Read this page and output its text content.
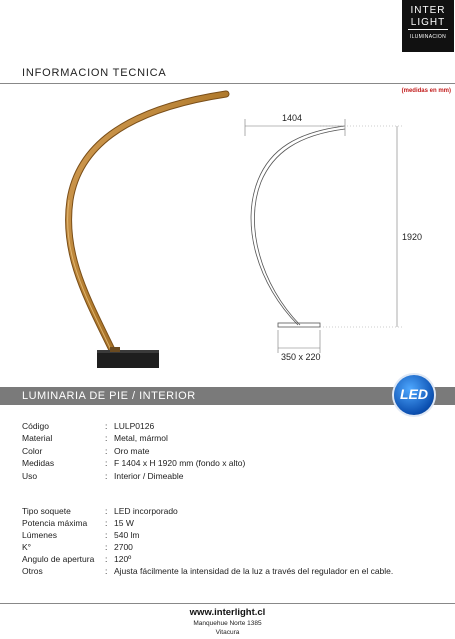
INTER
LIGHT
ILUMINACION
INFORMACION TECNICA
(medidas en mm)
1404
1920
350 x 220
LUMINARIA DE PIE / INTERIOR	LED
Código	: LULP0126
Material	: Metal, mármol
Color	: Oro mate
Medidas	: F 1404 x H 1920 mm (fondo x alto)
Uso	: Interior / Dimeable
Tipo soquete	: LED incorporado
Potencia máxima : 15 W
Lúmenes	: 540 lm
K°	: 2700
Angulo de apertura : 120º
Otros	: Ajusta fácilmente la intensidad de la luz a través del regulador en el cable.
www.interlight.cl
Manquehue Norte 1385
Vitacura
